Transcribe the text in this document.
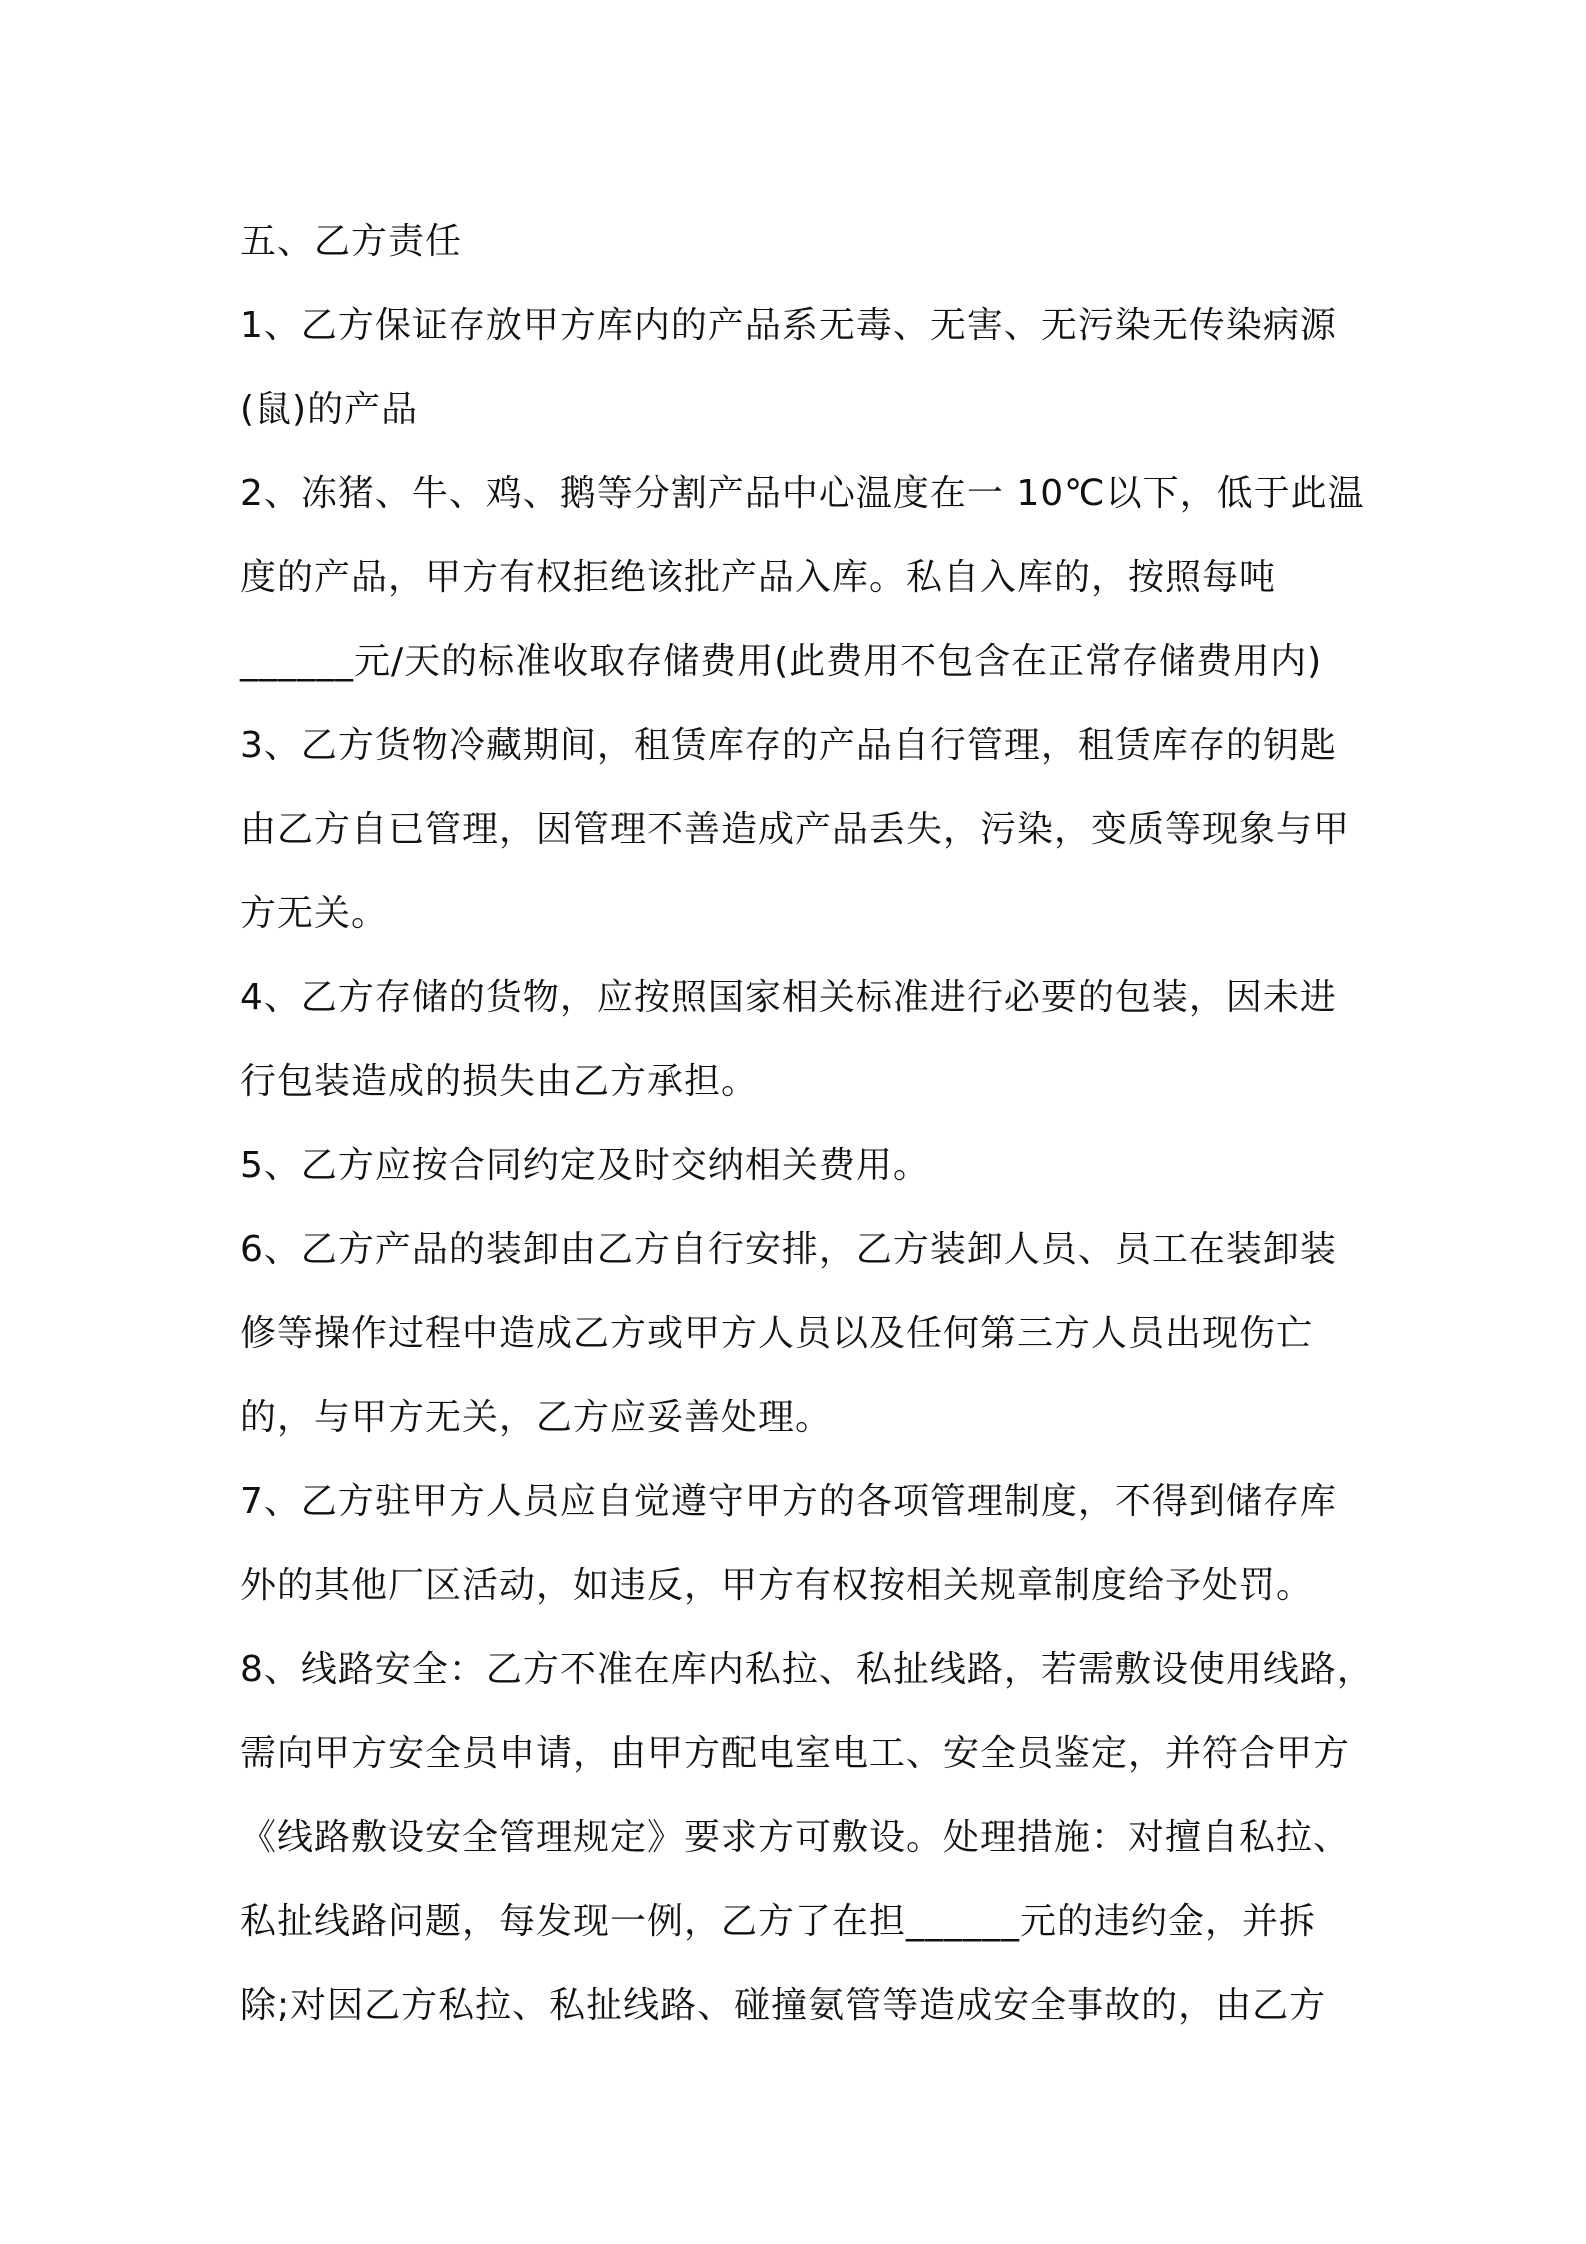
五、乙方责任
1、乙方保证存放甲方库内的产品系无毒、无害、无污染无传染病源
(鼠)的产品
2、冻猪、牛、鸡、鹅等分割产品中心温度在一 10℃以下，低于此温
度的产品，甲方有权拒绝该批产品入库。私自入库的，按照每吨
______元/天的标准收取存储费用(此费用不包含在正常存储费用内)
3、乙方货物冷藏期间，租赁库存的产品自行管理，租赁库存的钥匙
由乙方自已管理，因管理不善造成产品丢失，污染，变质等现象与甲
方无关。
4、乙方存储的货物，应按照国家相关标准进行必要的包装，因未进
行包装造成的损失由乙方承担。
5、乙方应按合同约定及时交纳相关费用。
6、乙方产品的装卸由乙方自行安排，乙方装卸人员、员工在装卸装
修等操作过程中造成乙方或甲方人员以及任何第三方人员出现伤亡
的，与甲方无关，乙方应妥善处理。
7、乙方驻甲方人员应自觉遵守甲方的各项管理制度，不得到储存库
外的其他厂区活动，如违反，甲方有权按相关规章制度给予处罚。
8、线路安全：乙方不准在库内私拉、私扯线路，若需敷设使用线路，
需向甲方安全员申请，由甲方配电室电工、安全员鉴定，并符合甲方
《线路敷设安全管理规定》要求方可敷设。处理措施：对擅自私拉、
私扯线路问题，每发现一例，乙方了在担______元的违约金，并拆
除;对因乙方私拉、私扯线路、碰撞氨管等造成安全事故的，由乙方
